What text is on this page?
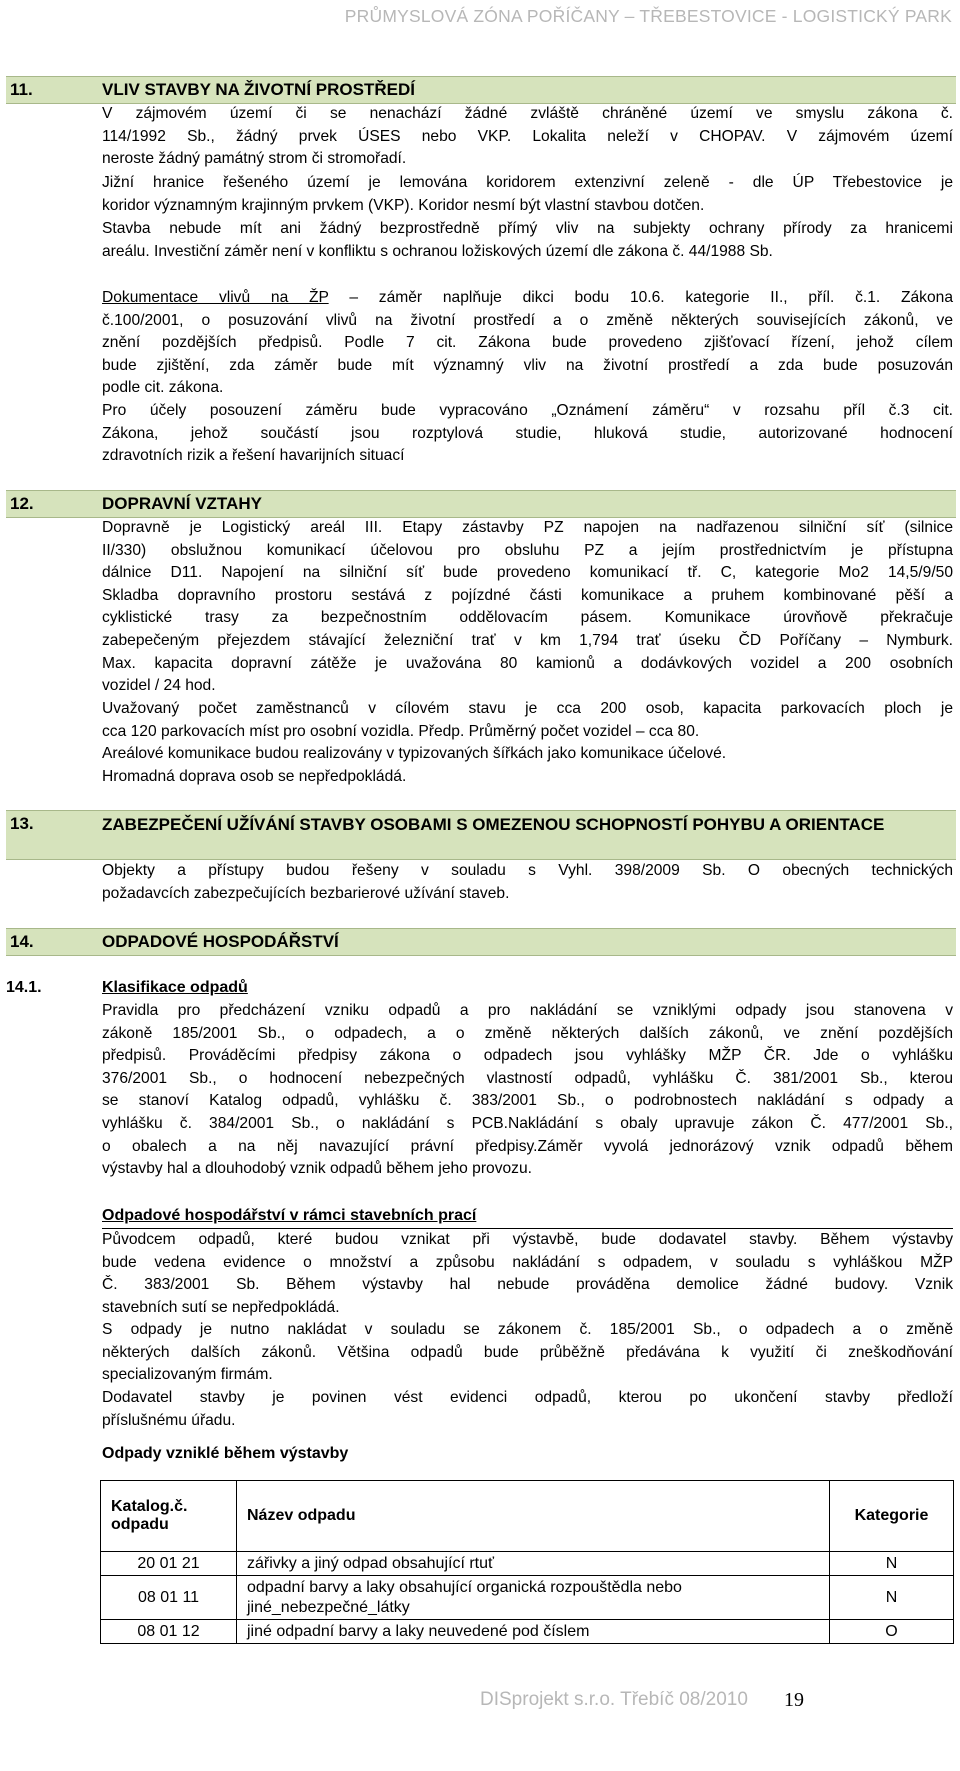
PRŮMYSLOVÁ ZÓNA POŘÍČANY – TŘEBESTOVICE - LOGISTICKÝ PARK
11.	VLIV STAVBY NA ŽIVOTNÍ PROSTŘEDÍ
V zájmovém území či se nenachází žádné zvláště chráněné území ve smyslu zákona č.
114/1992 Sb., žádný prvek ÚSES nebo VKP. Lokalita neleží v CHOPAV. V zájmovém území
neroste žádný památný strom či stromořadí.
Jižní hranice řešeného území je lemována koridorem extenzivní zeleně - dle ÚP Třebestovice je
koridor významným krajinným prvkem (VKP). Koridor nesmí být vlastní stavbou dotčen.
Stavba nebude mít ani žádný bezprostředně přímý vliv na subjekty ochrany přírody za hranicemi
areálu. Investiční záměr není v konfliktu s ochranou ložiskových území dle zákona č. 44/1988 Sb.
Dokumentace vlivů na ŽP – záměr naplňuje dikci bodu 10.6. kategorie II., příl. č.1. Zákona
č.100/2001, o posuzování vlivů na životní prostředí a o změně některých souvisejících zákonů, ve
znění pozdějších předpisů. Podle 7 cit. Zákona bude provedeno zjišťovací řízení, jehož cílem
bude zjištění, zda záměr bude mít významný vliv na životní prostředí a zda bude posuzován
podle cit. zákona.
Pro účely posouzení záměru bude vypracováno „Oznámení záměru“ v rozsahu příl č.3 cit.
Zákona, jehož součástí jsou rozptylová studie, hluková studie, autorizované hodnocení
zdravotních rizik a řešení havarijních situací
12.	DOPRAVNÍ VZTAHY
Dopravně je Logistický areál III. Etapy zástavby PZ napojen na nadřazenou silniční síť (silnice
II/330) obslužnou komunikací účelovou pro obsluhu PZ a jejím prostřednictvím je přístupna
dálnice D11. Napojení na silniční síť bude provedeno komunikací tř. C, kategorie Mo2 14,5/9/50
Skladba dopravního prostoru sestává z pojízdné části komunikace a pruhem kombinované pěší a
cyklistické trasy za bezpečnostním oddělovacím pásem. Komunikace úrovňově překračuje
zabepečeným přejezdem stávající železniční trať v km 1,794 trať úseku ČD Poříčany – Nymburk.
Max. kapacita dopravní zátěže je uvažována 80 kamionů a dodávkových vozidel a 200 osobních
vozidel / 24 hod.
Uvažovaný počet zaměstnanců v cílovém stavu je cca 200 osob, kapacita parkovacích ploch je
cca 120 parkovacích míst pro osobní vozidla. Předp. Průměrný počet vozidel – cca 80.
Areálové komunikace budou realizovány v typizovaných šířkách jako komunikace účelové.
Hromadná doprava osob se nepředpokládá.
13.	ZABEZPEČENÍ UŽÍVÁNÍ STAVBY OSOBAMI S OMEZENOU SCHOPNOSTÍ POHYBU A ORIENTACE
Objekty a přístupy budou řešeny v souladu s Vyhl. 398/2009 Sb. O obecných technických
požadavcích zabezpečujících bezbarierové užívání staveb.
14.	ODPADOVÉ HOSPODÁŘSTVÍ
14.1.	Klasifikace odpadů
Pravidla pro předcházení vzniku odpadů a pro nakládání se vzniklými odpady jsou stanovena v
zákoně 185/2001 Sb., o odpadech, a o změně některých dalších zákonů, ve znění pozdějších
předpisů. Prováděcími předpisy zákona o odpadech jsou vyhlášky MŽP ČR. Jde o vyhlášku
376/2001 Sb., o hodnocení nebezpečných vlastností odpadů, vyhlášku Č. 381/2001 Sb., kterou
se stanoví Katalog odpadů, vyhlášku č. 383/2001 Sb., o podrobnostech nakládání s odpady a
vyhlášku č. 384/2001 Sb., o nakládání s PCB.Nakládání s obaly upravuje zákon Č. 477/2001 Sb.,
o obalech a na něj navazující právní předpisy.Záměr vyvolá jednorázový vznik odpadů během
výstavby hal a dlouhodobý vznik odpadů během jeho provozu.
Odpadové hospodářství v rámci stavebních prací
Původcem odpadů, které budou vznikat při výstavbě, bude dodavatel stavby. Během výstavby
bude vedena evidence o množství a způsobu nakládání s odpadem, v souladu s vyhláškou MŽP
Č. 383/2001 Sb. Během výstavby hal nebude prováděna demolice žádné budovy. Vznik
stavebních sutí se nepředpokládá.
S odpady je nutno nakládat v souladu se zákonem č. 185/2001 Sb., o odpadech a o změně
některých dalších zákonů. Většina odpadů bude průběžně předávána k využití či zneškodňování
specializovaným firmám.
Dodavatel stavby je povinen vést evidenci odpadů, kterou po ukončení stavby předloží
příslušnému úřadu.
Odpady vzniklé během výstavby
Katalog.č. odpadu	Název odpadu	Kategorie
20 01 21	zářivky a jiný odpad obsahující rtuť	N
08 01 11	odpadní barvy a laky obsahující organická rozpouštědla nebo jiné_nebezpečné_látky	N
08 01 12	jiné odpadní barvy a laky neuvedené pod číslem	O
DIS​projekt s.r.o. Třebíč 08/2010 19
